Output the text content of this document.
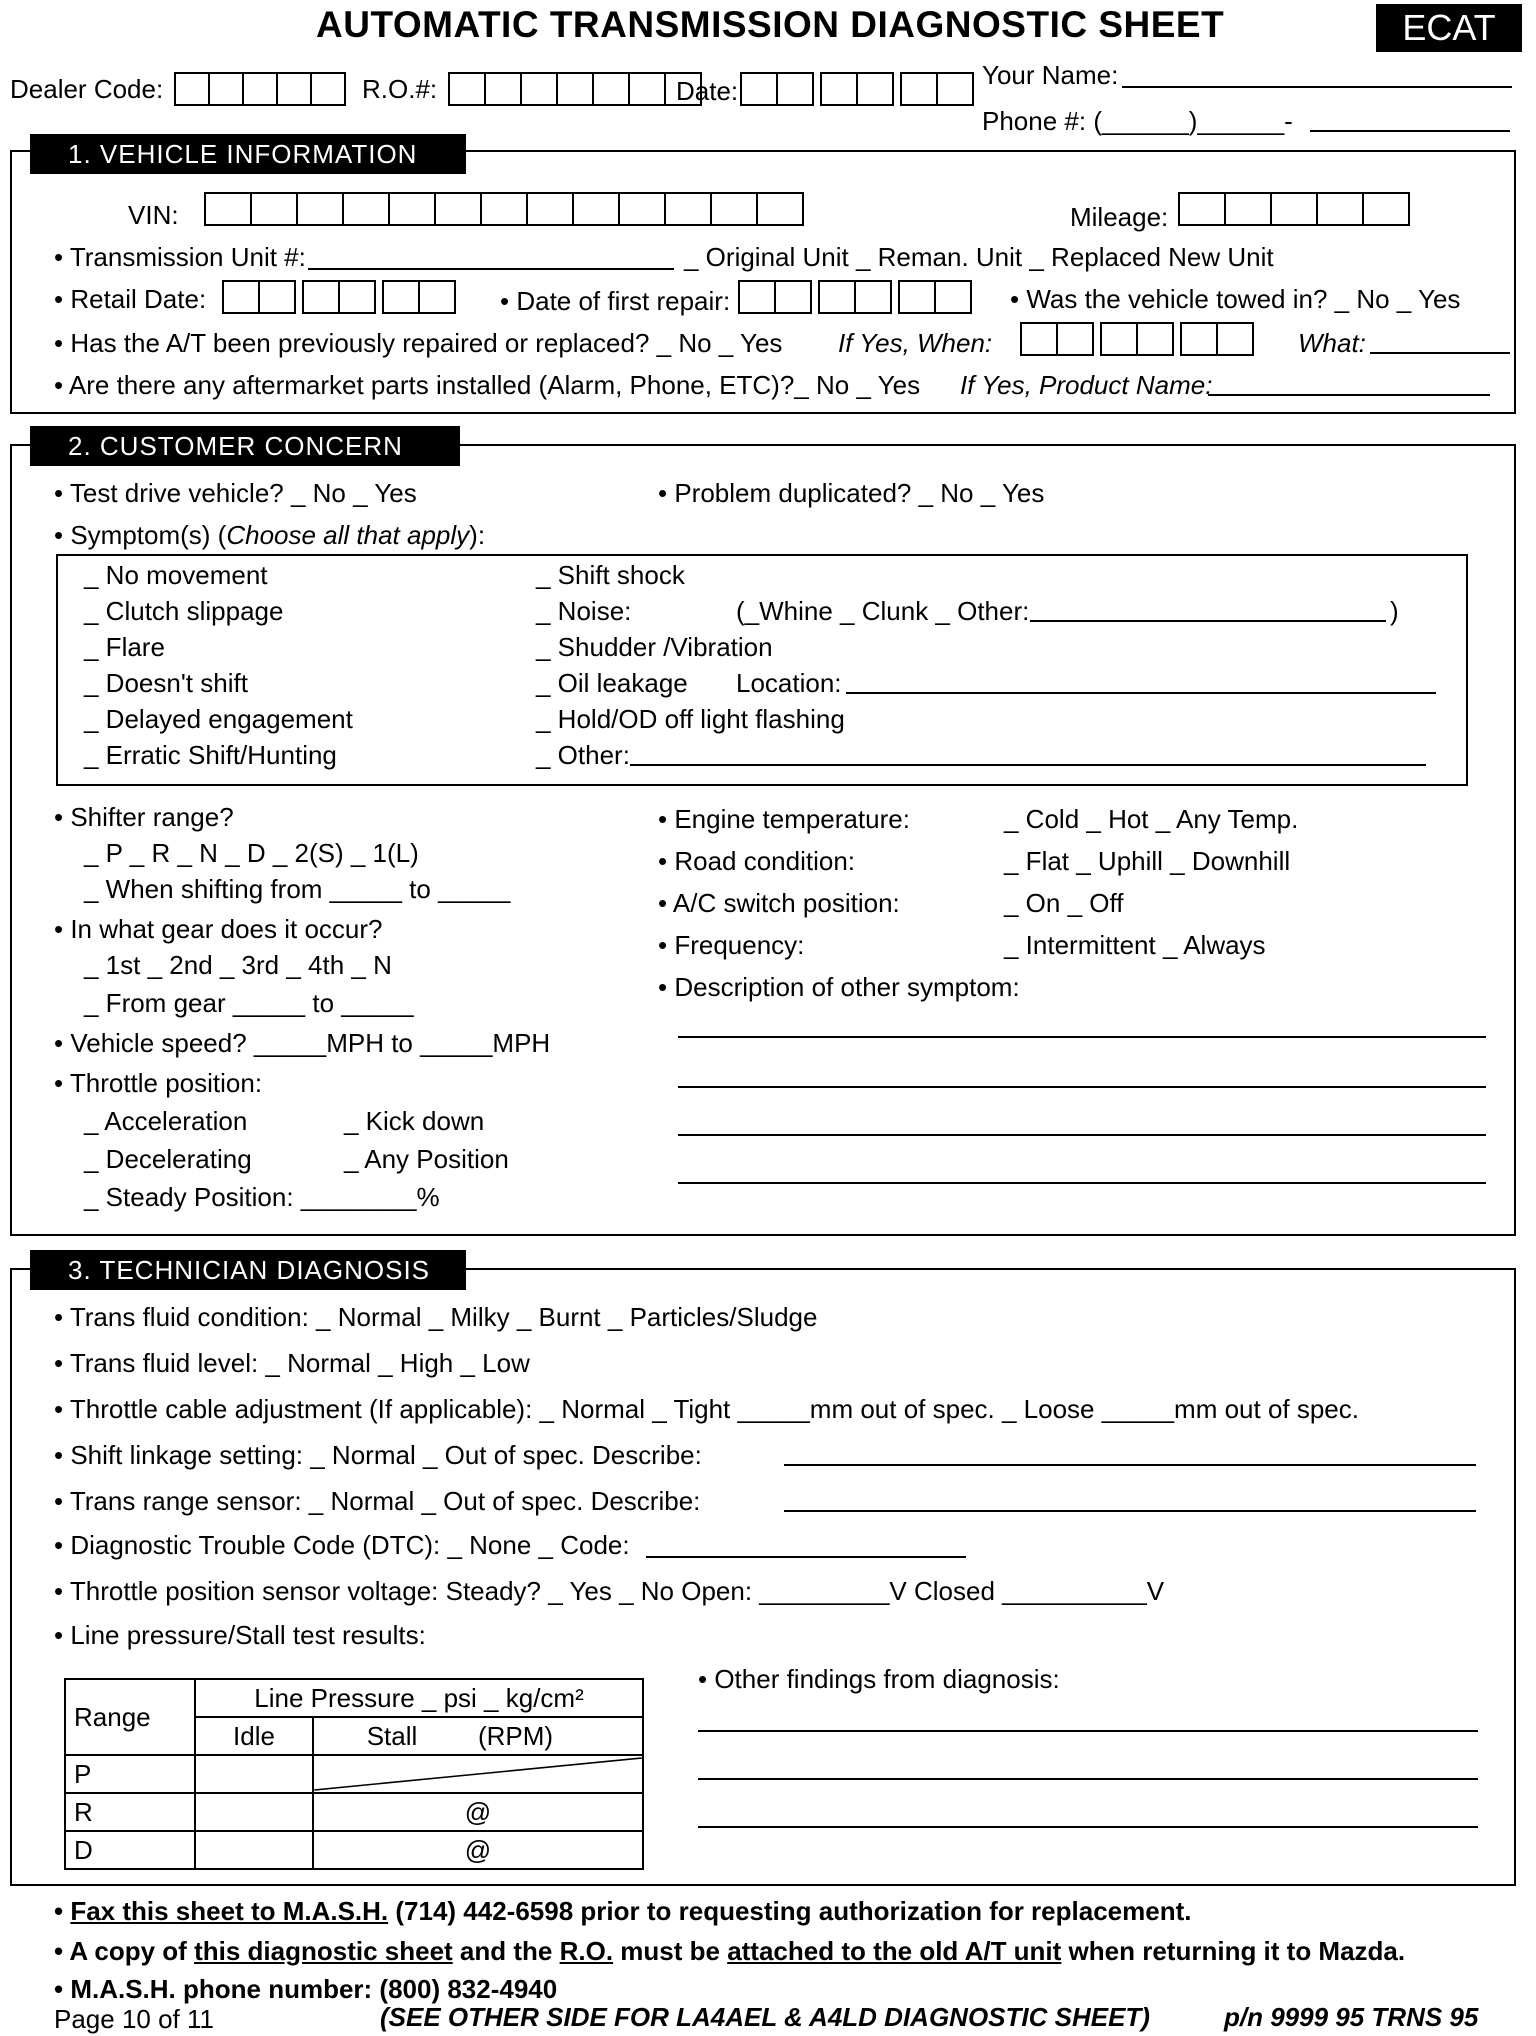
AUTOMATIC TRANSMISSION DIAGNOSTIC SHEET	ECAT
Dealer Code:	R.O.#:	Date:
Your Name:
Phone #: (______)______-
1. VEHICLE INFORMATION
VIN:	Mileage:
• Transmission Unit #:	_ Original Unit _ Reman. Unit _ Replaced New Unit
• Retail Date:	• Date of first repair:	• Was the vehicle towed in? _ No _ Yes
• Has the A/T been previously repaired or replaced? _ No _ Yes If Yes, When:	What:
• Are there any aftermarket parts installed (Alarm, Phone, ETC)?_ No _ Yes If Yes, Product Name:
2. CUSTOMER CONCERN
• Test drive vehicle? _ No _ Yes	• Problem duplicated? _ No _ Yes
• Symptom(s) (Choose all that apply):
_ No movement
_ Clutch slippage
_ Flare
_ Doesn't shift
_ Delayed engagement
_ Erratic Shift/Hunting
_ Shift shock
_ Noise:	(_Whine _ Clunk _ Other:	)
_ Shudder /Vibration
_ Oil leakage Location:
_ Hold/OD off light flashing
_ Other:
• Shifter range?
_ P _ R _ N _ D _ 2(S) _ 1(L)
_ When shifting from _____ to _____
• In what gear does it occur?
_ 1st _ 2nd _ 3rd _ 4th _ N
_ From gear _____ to _____
• Vehicle speed? _____MPH to _____MPH
• Throttle position:
_ Acceleration	_ Kick down
_ Decelerating	_ Any Position
_ Steady Position: ________%
• Engine temperature:	_ Cold _ Hot _ Any Temp.
• Road condition:	_ Flat _ Uphill _ Downhill
• A/C switch position:	_ On _ Off
• Frequency:	_ Intermittent _ Always
• Description of other symptom:
3. TECHNICIAN DIAGNOSIS
• Trans fluid condition: _ Normal _ Milky _ Burnt _ Particles/Sludge
• Trans fluid level: _ Normal _ High _ Low
• Throttle cable adjustment (If applicable): _ Normal _ Tight _____mm out of spec. _ Loose _____mm out of spec.
• Shift linkage setting: _ Normal _ Out of spec. Describe:
• Trans range sensor: _ Normal _ Out of spec. Describe:
• Diagnostic Trouble Code (DTC): _ None _ Code:
• Throttle position sensor voltage: Steady? _ Yes _ No Open: _________V Closed __________V
• Line pressure/Stall test results:
Range	Line Pressure _ psi _ kg/cm²		
	Idle	Stall	(RPM)
P		

R		@	
D		@	
• Other findings from diagnosis:
• Fax this sheet to M.A.S.H. (714) 442-6598 prior to requesting authorization for replacement.
• A copy of this diagnostic sheet and the R.O. must be attached to the old A/T unit when returning it to Mazda.
• M.A.S.H. phone number: (800) 832-4940
Page 10 of 11	(SEE OTHER SIDE FOR LA4AEL & A4LD DIAGNOSTIC SHEET)	p/n 9999 95 TRNS 95
